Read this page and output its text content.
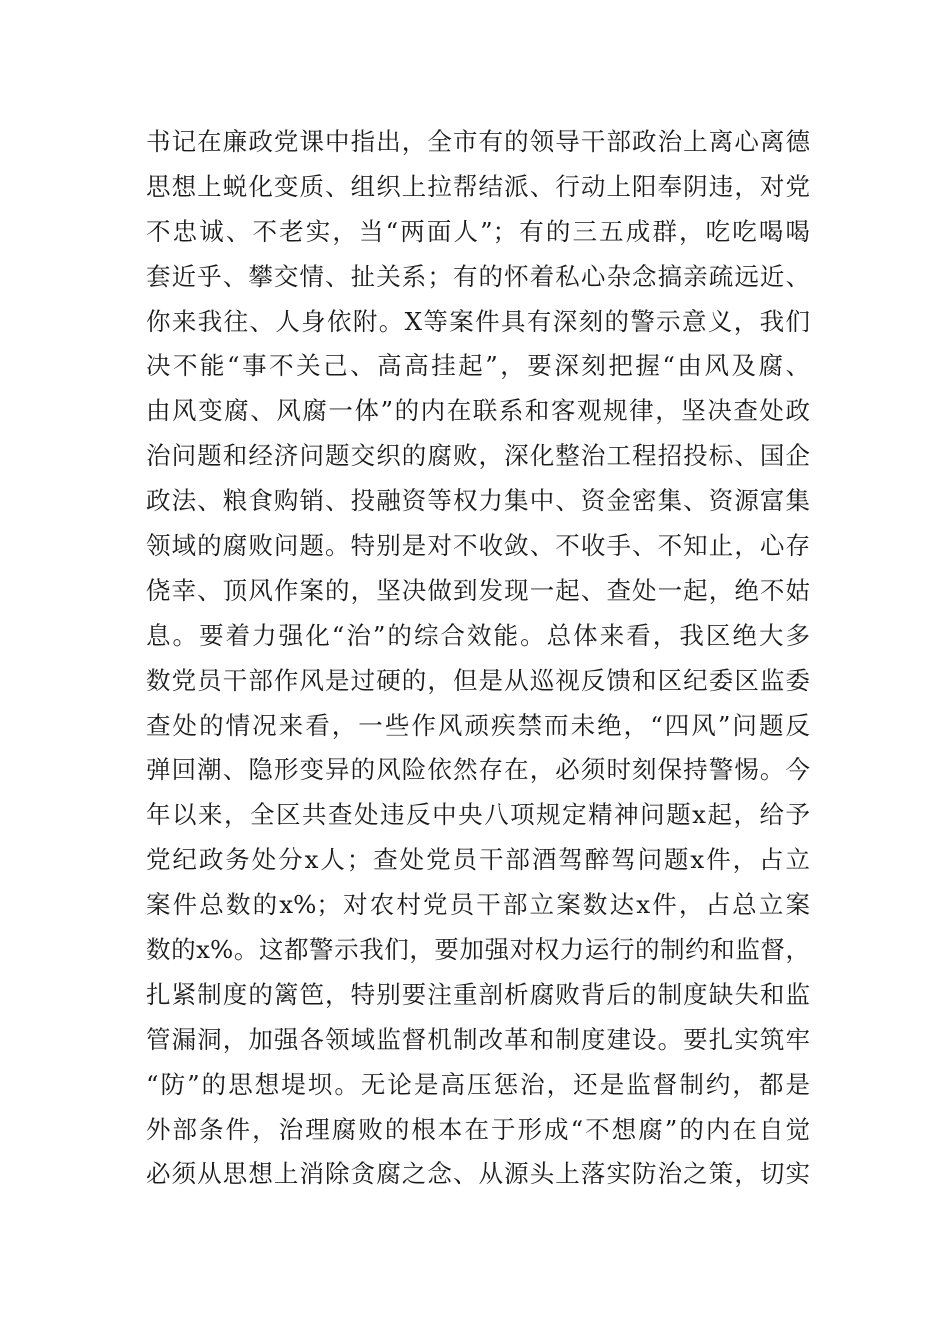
书记在廉政党课中指出，全市有的领导干部政治上离心离德
思想上蜕化变质、组织上拉帮结派、行动上阳奉阴违，对党
不忠诚、不老实，当“两面人”；有的三五成群，吃吃喝喝
套近乎、攀交情、扯关系；有的怀着私心杂念搞亲疏远近、
你来我往、人身依附。X等案件具有深刻的警示意义，我们
决不能“事不关己、高高挂起”，要深刻把握“由风及腐、
由风变腐、风腐一体”的内在联系和客观规律，坚决查处政
治问题和经济问题交织的腐败，深化整治工程招投标、国企
政法、粮食购销、投融资等权力集中、资金密集、资源富集
领域的腐败问题。特别是对不收敛、不收手、不知止，心存
侥幸、顶风作案的，坚决做到发现一起、查处一起，绝不姑
息。要着力强化“治”的综合效能。总体来看，我区绝大多
数党员干部作风是过硬的，但是从巡视反馈和区纪委区监委
查处的情况来看，一些作风顽疾禁而未绝，“四风”问题反
弹回潮、隐形变异的风险依然存在，必须时刻保持警惕。今
年以来，全区共查处违反中央八项规定精神问题x起，给予
党纪政务处分x人；查处党员干部酒驾醉驾问题x件，占立
案件总数的x%；对农村党员干部立案数达x件，占总立案
数的x%。这都警示我们，要加强对权力运行的制约和监督，
扎紧制度的篱笆，特别要注重剖析腐败背后的制度缺失和监
管漏洞，加强各领域监督机制改革和制度建设。要扎实筑牢
“防”的思想堤坝。无论是高压惩治，还是监督制约，都是
外部条件，治理腐败的根本在于形成“不想腐”的内在自觉
必须从思想上消除贪腐之念、从源头上落实防治之策，切实
